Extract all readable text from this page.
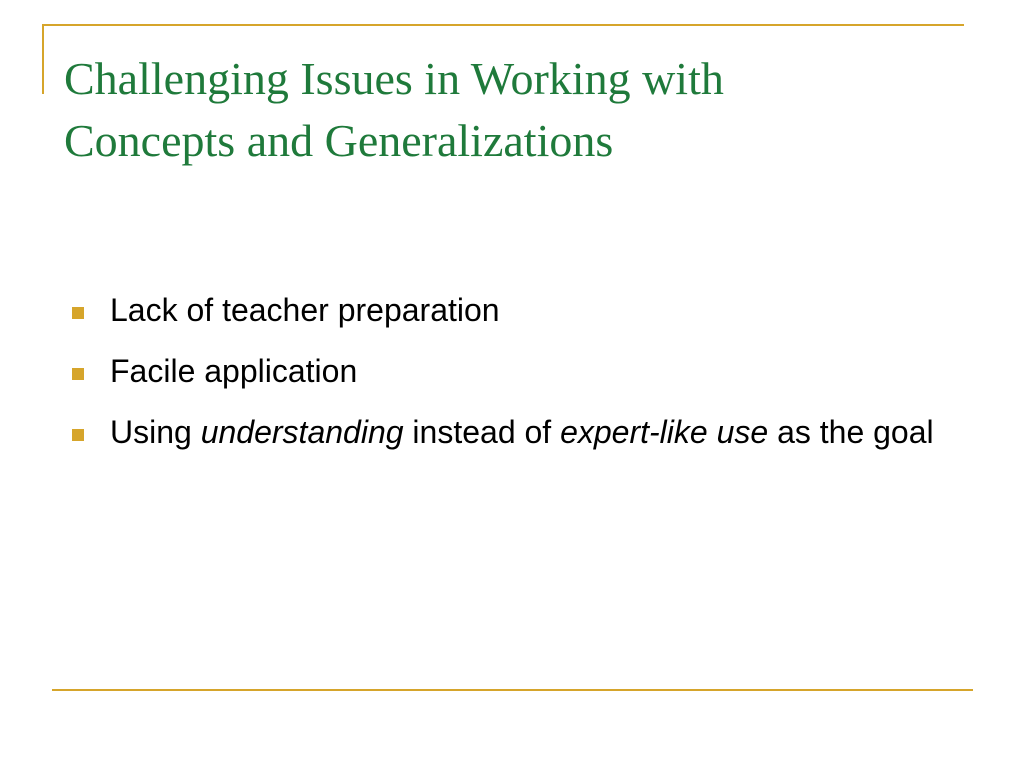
Challenging Issues in Working with
Concepts and Generalizations
Lack of teacher preparation
Facile application
Using understanding instead of expert-like use as the goal
